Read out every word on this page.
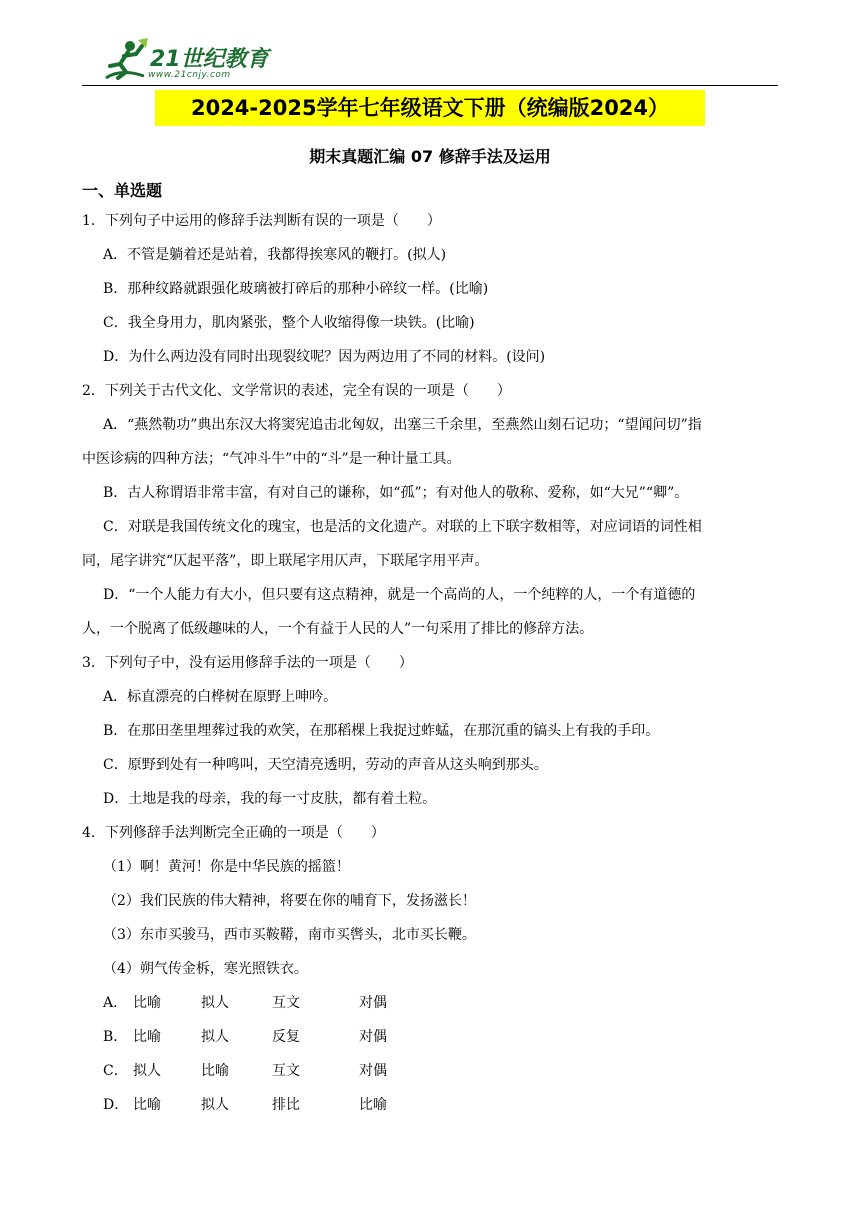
21世纪教育
www.21cnjy.com
2024-2025学年七年级语文下册（统编版2024）
期末真题汇编 07 修辞手法及运用
一、单选题
1．下列句子中运用的修辞手法判断有误的一项是（　　）
A．不管是躺着还是站着，我都得挨寒风的鞭打。(拟人)
B．那种纹路就跟强化玻璃被打碎后的那种小碎纹一样。(比喻)
C．我全身用力，肌肉紧张，整个人收缩得像一块铁。(比喻)
D．为什么两边没有同时出现裂纹呢？因为两边用了不同的材料。(设问)
2．下列关于古代文化、文学常识的表述，完全有误的一项是（　　）
A．“燕然勒功”典出东汉大将窦宪追击北匈奴，出塞三千余里，至燕然山刻石记功；“望闻问切”指
中医诊病的四种方法；“气冲斗牛”中的“斗”是一种计量工具。
B．古人称谓语非常丰富，有对自己的谦称，如“孤”；有对他人的敬称、爱称，如“大兄”“卿”。
C．对联是我国传统文化的瑰宝，也是活的文化遗产。对联的上下联字数相等，对应词语的词性相
同，尾字讲究“仄起平落”，即上联尾字用仄声，下联尾字用平声。
D．“一个人能力有大小，但只要有这点精神，就是一个高尚的人，一个纯粹的人，一个有道德的
人，一个脱离了低级趣味的人，一个有益于人民的人”一句采用了排比的修辞方法。
3．下列句子中，没有运用修辞手法的一项是（　　）
A．标直漂亮的白桦树在原野上呻吟。
B．在那田垄里埋葬过我的欢笑，在那稻棵上我捉过蚱蜢，在那沉重的镐头上有我的手印。
C．原野到处有一种鸣叫，天空清亮透明，劳动的声音从这头响到那头。
D．土地是我的母亲，我的每一寸皮肤，都有着土粒。
4．下列修辞手法判断完全正确的一项是（　　）
（1）啊！黄河！你是中华民族的摇篮！
（2）我们民族的伟大精神，将要在你的哺育下，发扬滋长！
（3）东市买骏马，西市买鞍鞯，南市买辔头，北市买长鞭。
（4）朔气传金柝，寒光照铁衣。
A． 比喻	拟人	互文	对偶
B． 比喻	拟人	反复	对偶
C． 拟人	比喻	互文	对偶
D． 比喻	拟人	排比	比喻
